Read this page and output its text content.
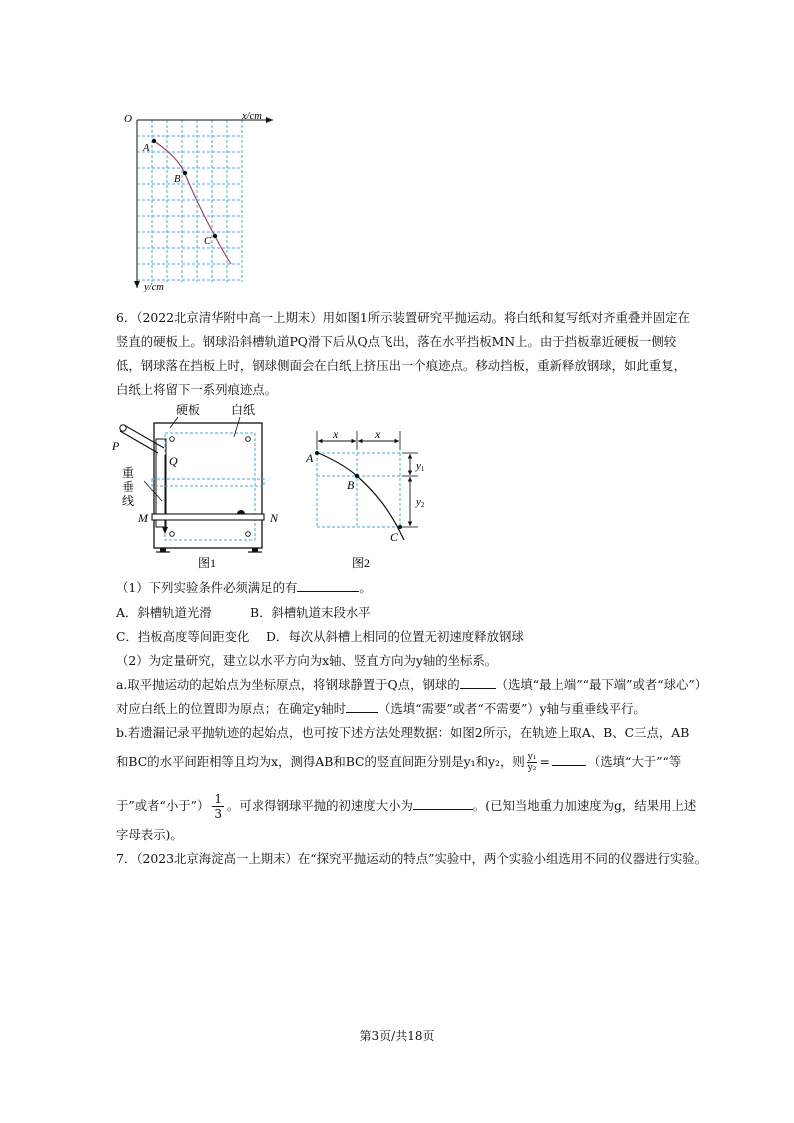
O	x/cm
y/cm
A
B
C
6．（2022北京清华附中高一上期末）用如图1所示装置研究平抛运动。将白纸和复写纸对齐重叠并固定在
竖直的硬板上。钢球沿斜槽轨道PQ滑下后从Q点飞出，落在水平挡板MN上。由于挡板靠近硬板一侧较
低，钢球落在挡板上时，钢球侧面会在白纸上挤压出一个痕迹点。移动挡板，重新释放钢球，如此重复，
白纸上将留下一系列痕迹点。
硬板	白纸
P
Q
重
垂
线
M	N
图1
x	x
A
B
C
y1
y2
图2
（1）下列实验条件必须满足的有	。
A．斜槽轨道光滑	B．斜槽轨道末段水平
C．挡板高度等间距变化 D．每次从斜槽上相同的位置无初速度释放钢球
（2）为定量研究，建立以水平方向为x轴、竖直方向为y轴的坐标系。
a.取平抛运动的起始点为坐标原点，将钢球静置于Q点，钢球的	（选填“最上端”“最下端”或者“球心”）
对应白纸上的位置即为原点；在确定y轴时	（选填“需要”或者“不需要”）y轴与重垂线平行。
b.若遗漏记录平抛轨迹的起始点，也可按下述方法处理数据：如图2所示，在轨迹上取A、B、C三点，AB
和BC的水平间距相等且均为x，测得AB和BC的竖直间距分别是y₁和y₂，则 $\frac{\text{y₁}}{\text{y₂}}$ =	（选填“大于”“等
于”或者“小于”） $\frac{1}{3}$ 。可求得钢球平抛的初速度大小为	。(已知当地重力加速度为g，结果用上述
字母表示)。
7．（2023北京海淀高一上期末）在“探究平抛运动的特点”实验中，两个实验小组选用不同的仪器进行实验。
第3页/共18页
